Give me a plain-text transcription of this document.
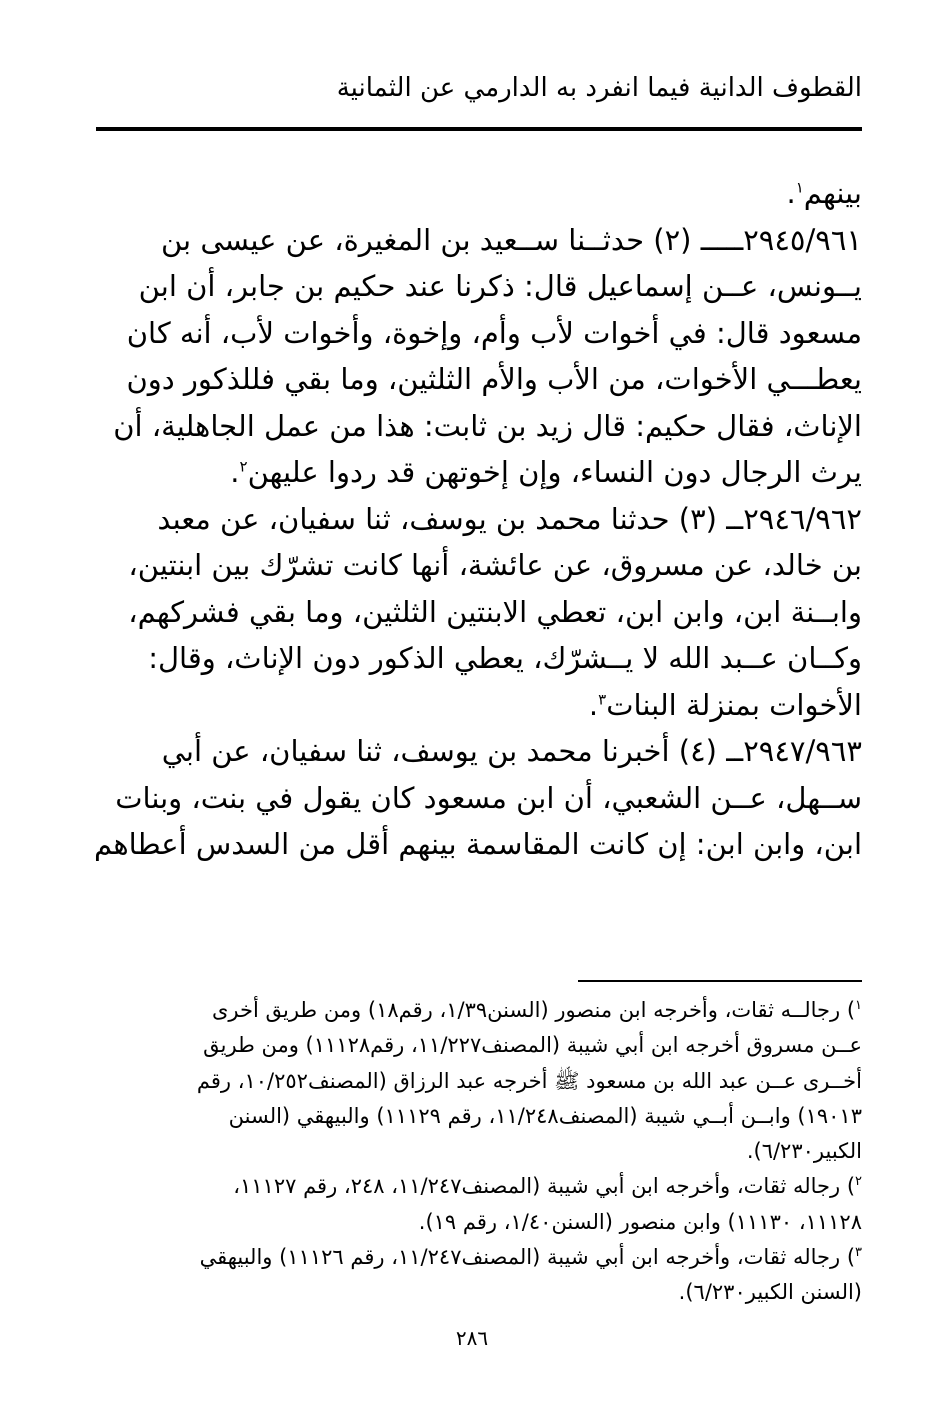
القطوف الدانية فيما انفرد به الدارمي عن الثمانية

بينهم$^١$.

٢٩٤٥/٩٦١ـــــ (٢) حدثــنا ســعيد بن المغيرة، عن عيسى بن
يــونس، عــن إسماعيل قال: ذكرنا عند حكيم بن جابر، أن ابن
مسعود قال: في أخوات لأب وأم، وإخوة، وأخوات لأب، أنه كان
يعطـــي الأخوات، من الأب والأم الثلثين، وما بقي فللذكور دون
الإناث، فقال حكيم: قال زيد بن ثابت: هذا من عمل الجاهلية، أن
يرث الرجال دون النساء، وإن إخوتهن قد ردوا عليهن$^٢$.

٢٩٤٦/٩٦٢ــ (٣) حدثنا محمد بن يوسف، ثنا سفيان، عن معبد
بن خالد، عن مسروق، عن عائشة، أنها كانت تشرّك بين ابنتين،
وابــنة ابن، وابن ابن، تعطي الابنتين الثلثين، وما بقي فشركهم،
وكــان عــبد الله لا يــشرّك، يعطي الذكور دون الإناث، وقال:
الأخوات بمنزلة البنات$^٣$.

٢٩٤٧/٩٦٣ــ (٤) أخبرنا محمد بن يوسف، ثنا سفيان، عن أبي
ســهل، عــن الشعبي، أن ابن مسعود كان يقول في بنت، وبنات
ابن، وابن ابن: إن كانت المقاسمة بينهم أقل من السدس أعطاهم

$^١$) رجالــه ثقات، وأخرجه ابن منصور (السنن١/٣٩، رقم١٨) ومن طريق أخرى
عــن مسروق أخرجه ابن أبي شيبة (المصنف١١/٢٢٧، رقم١١١٢٨) ومن طريق
أخــرى عــن عبد الله بن مسعود ﷺ أخرجه عبد الرزاق (المصنف١٠/٢٥٢، رقم
١٩٠١٣) وابــن أبــي شيبة (المصنف١١/٢٤٨، رقم ١١١٢٩) والبيهقي (السنن
الكبير٦/٢٣٠).

$^٢$) رجاله ثقات، وأخرجه ابن أبي شيبة (المصنف١١/٢٤٧، ٢٤٨، رقم ١١١٢٧،
١١١٢٨، ١١١٣٠) وابن منصور (السنن١/٤٠، رقم ١٩).

$^٣$) رجاله ثقات، وأخرجه ابن أبي شيبة (المصنف١١/٢٤٧، رقم ١١١٢٦) والبيهقي
(السنن الكبير٦/٢٣٠).

٢٨٦
